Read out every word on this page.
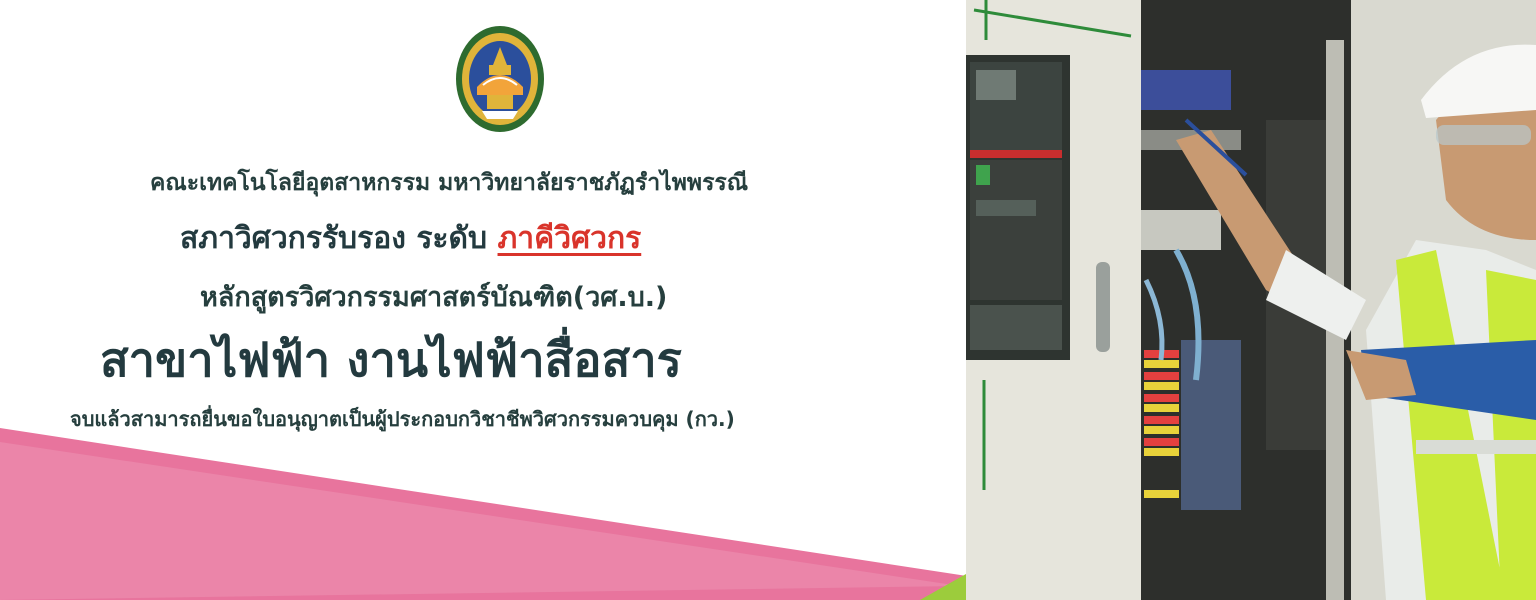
คณะเทคโนโลยีอุตสาหกรรม มหาวิทยาลัยราชภัฏรำไพพรรณี
สภาวิศวกรรับรอง ระดับ ภาคีวิศวกร
หลักสูตรวิศวกรรมศาสตร์บัณฑิต(วศ.บ.)
สาขาไฟฟ้า งานไฟฟ้าสื่อสาร
จบแล้วสามารถยื่นขอใบอนุญาตเป็นผู้ประกอบกวิชาชีพวิศวกรรมควบคุม (กว.)
